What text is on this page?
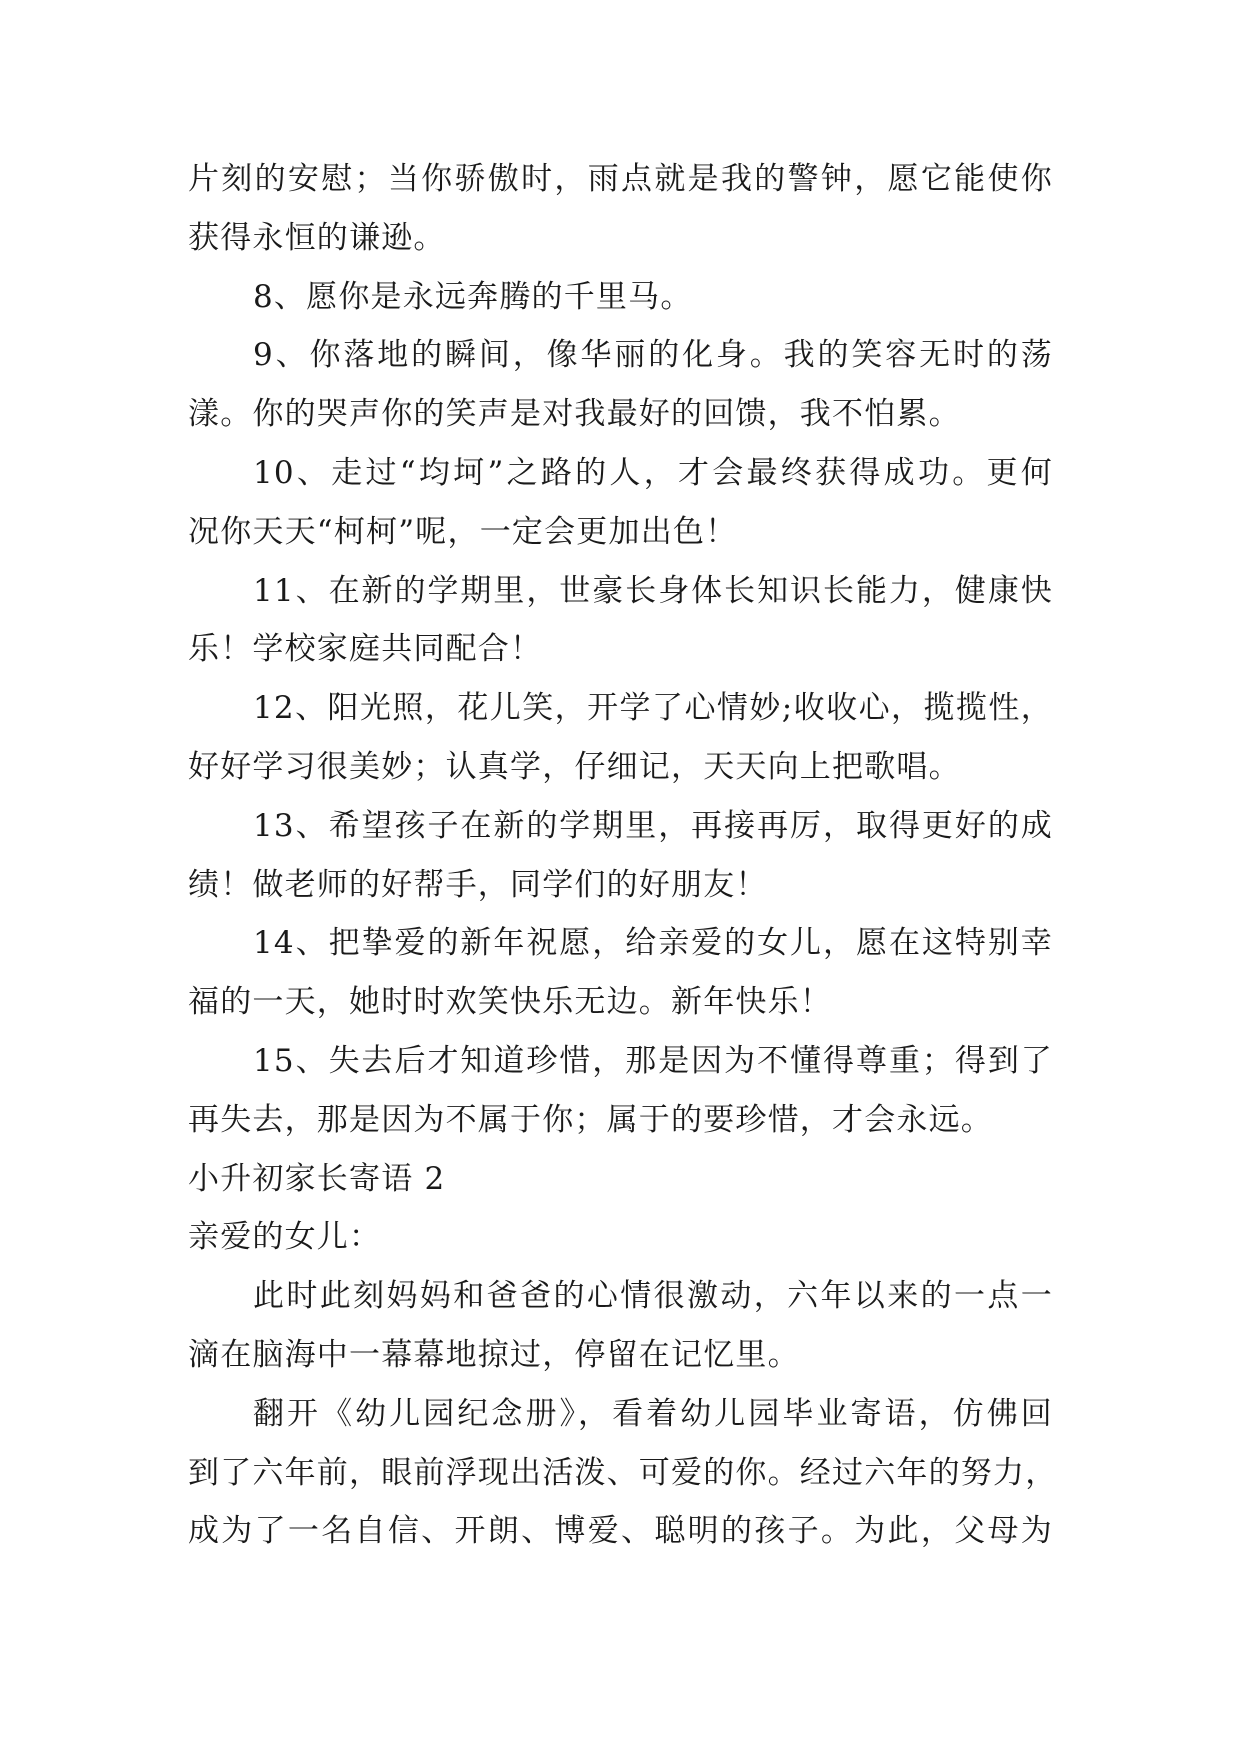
片刻的安慰；当你骄傲时，雨点就是我的警钟，愿它能使你
获得永恒的谦逊。
8、愿你是永远奔腾的千里马。
9、你落地的瞬间，像华丽的化身。我的笑容无时的荡
漾。你的哭声你的笑声是对我最好的回馈，我不怕累。
10、走过“均坷”之路的人，才会最终获得成功。更何
况你天天“柯柯”呢，一定会更加出色！
11、在新的学期里，世豪长身体长知识长能力，健康快
乐！学校家庭共同配合！
12、阳光照，花儿笑，开学了心情妙;收收心，揽揽性，
好好学习很美妙；认真学，仔细记，天天向上把歌唱。
13、希望孩子在新的学期里，再接再厉，取得更好的成
绩！做老师的好帮手，同学们的好朋友！
14、把挚爱的新年祝愿，给亲爱的女儿，愿在这特别幸
福的一天，她时时欢笑快乐无边。新年快乐！
15、失去后才知道珍惜，那是因为不懂得尊重；得到了
再失去，那是因为不属于你；属于的要珍惜，才会永远。
小升初家长寄语 2
亲爱的女儿：
此时此刻妈妈和爸爸的心情很激动，六年以来的一点一
滴在脑海中一幕幕地掠过，停留在记忆里。
翻开《幼儿园纪念册》，看着幼儿园毕业寄语，仿佛回
到了六年前，眼前浮现出活泼、可爱的你。经过六年的努力，
成为了一名自信、开朗、博爱、聪明的孩子。为此，父母为
